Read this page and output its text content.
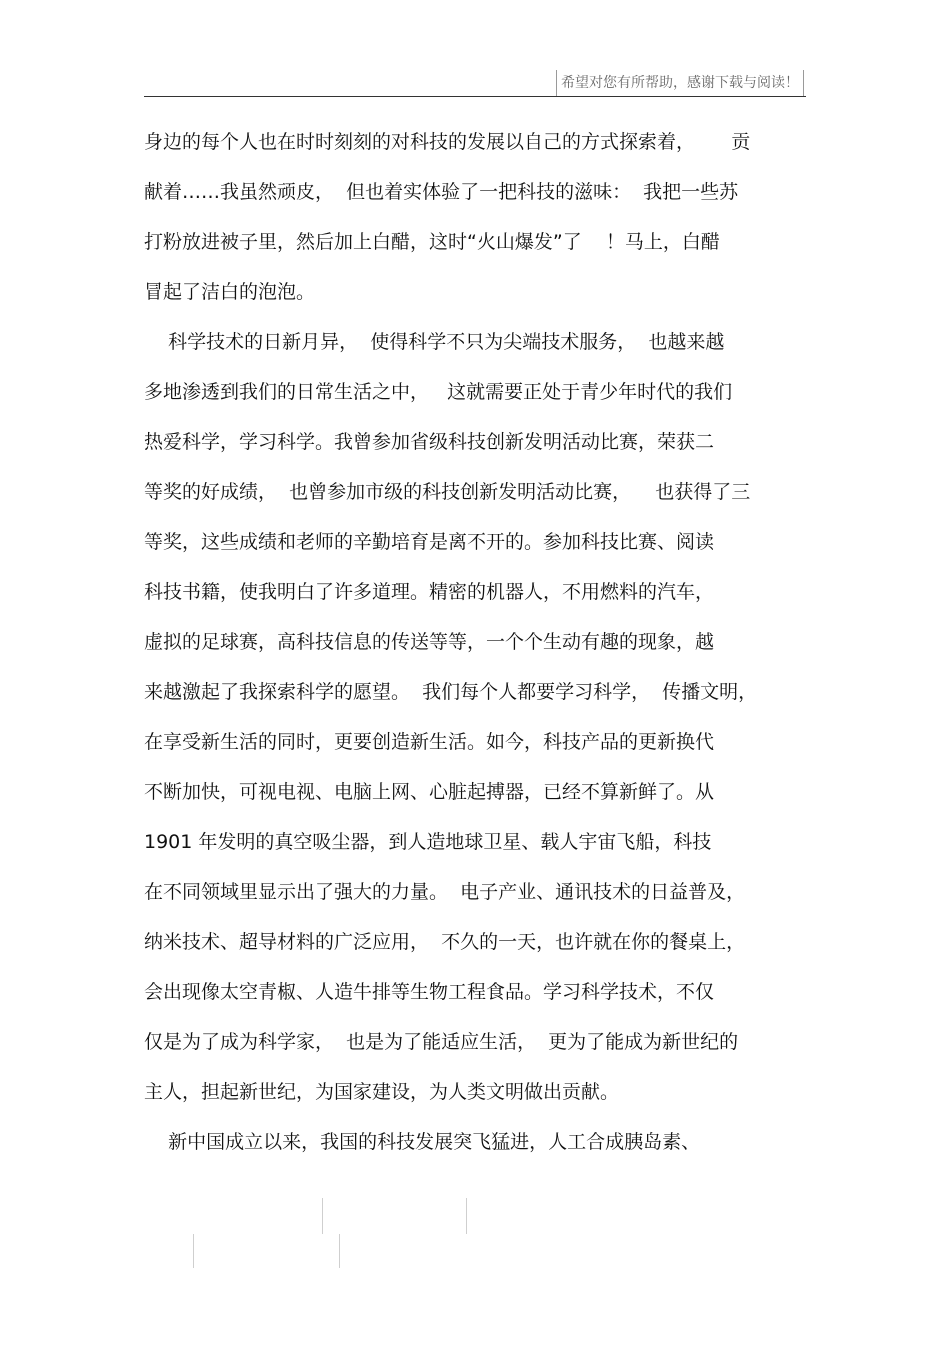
希望对您有所帮助，感谢下载与阅读！
身边的每个人也在时时刻刻的对科技的发展以自己的方式探索着，      贡
献着……我虽然顽皮，  但也着实体验了一把科技的滋味：  我把一些苏
打粉放进被子里，然后加上白醋，这时“火山爆发”了    ！马上，白醋
冒起了洁白的泡泡。
科学技术的日新月异，  使得科学不只为尖端技术服务，  也越来越
多地渗透到我们的日常生活之中，   这就需要正处于青少年时代的我们
热爱科学，学习科学。我曾参加省级科技创新发明活动比赛，荣获二
等奖的好成绩，  也曾参加市级的科技创新发明活动比赛，    也获得了三
等奖，这些成绩和老师的辛勤培育是离不开的。参加科技比赛、阅读
科技书籍，使我明白了许多道理。精密的机器人，不用燃料的汽车，
虚拟的足球赛，高科技信息的传送等等，一个个生动有趣的现象，越
来越激起了我探索科学的愿望。  我们每个人都要学习科学，  传播文明，
在享受新生活的同时，更要创造新生活。如今，科技产品的更新换代
不断加快，可视电视、电脑上网、心脏起搏器，已经不算新鲜了。从
1901 年发明的真空吸尘器，到人造地球卫星、载人宇宙飞船，科技
在不同领域里显示出了强大的力量。  电子产业、通讯技术的日益普及，
纳米技术、超导材料的广泛应用，  不久的一天，也许就在你的餐桌上，
会出现像太空青椒、人造牛排等生物工程食品。学习科学技术，不仅
仅是为了成为科学家，  也是为了能适应生活，  更为了能成为新世纪的
主人，担起新世纪，为国家建设，为人类文明做出贡献。
新中国成立以来，我国的科技发展突飞猛进，人工合成胰岛素、
